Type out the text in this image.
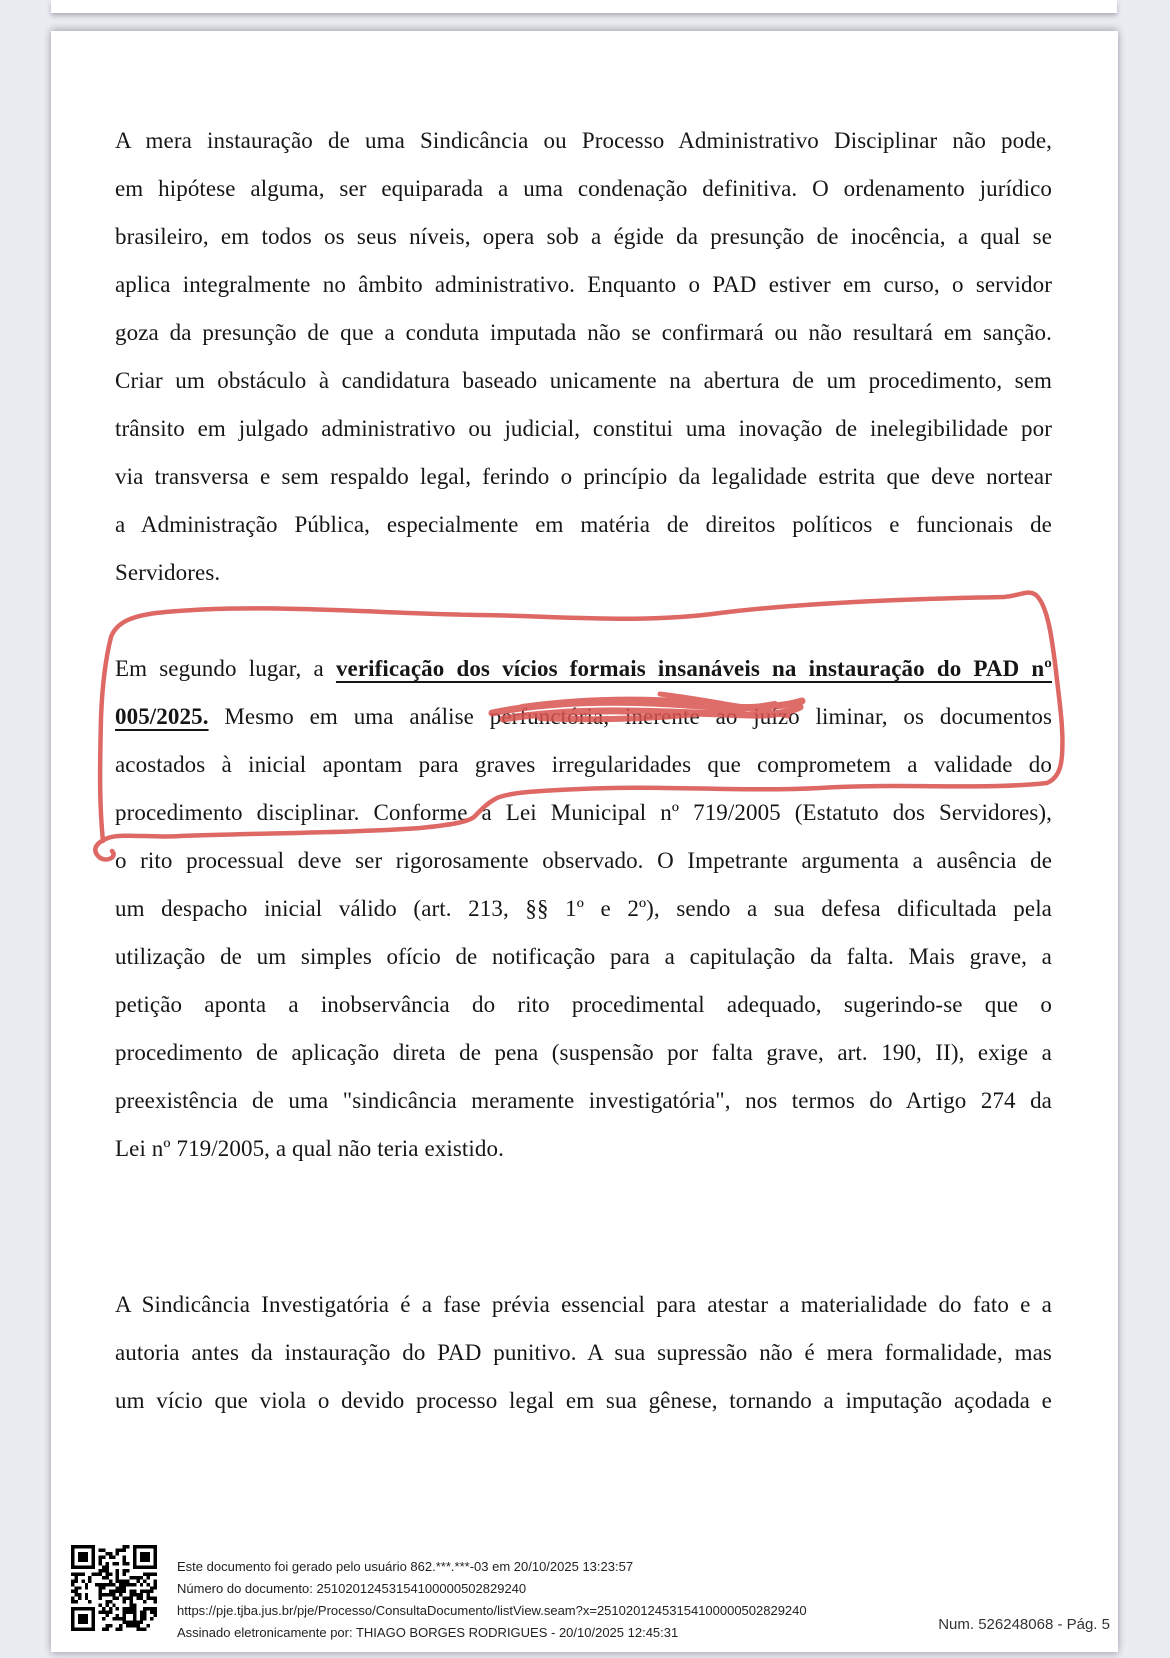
A mera instauração de uma Sindicância ou Processo Administrativo Disciplinar não pode,
em hipótese alguma, ser equiparada a uma condenação definitiva. O ordenamento jurídico
brasileiro, em todos os seus níveis, opera sob a égide da presunção de inocência, a qual se
aplica integralmente no âmbito administrativo. Enquanto o PAD estiver em curso, o servidor
goza da presunção de que a conduta imputada não se confirmará ou não resultará em sanção.
Criar um obstáculo à candidatura baseado unicamente na abertura de um procedimento, sem
trânsito em julgado administrativo ou judicial, constitui uma inovação de inelegibilidade por
via transversa e sem respaldo legal, ferindo o princípio da legalidade estrita que deve nortear
a Administração Pública, especialmente em matéria de direitos políticos e funcionais de
Servidores.
Em segundo lugar, a verificação dos vícios formais insanáveis na instauração do PAD nº
005/2025. Mesmo em uma análise perfunctória, inerente ao juízo liminar, os documentos
acostados à inicial apontam para graves irregularidades que comprometem a validade do
procedimento disciplinar. Conforme a Lei Municipal nº 719/2005 (Estatuto dos Servidores),
o rito processual deve ser rigorosamente observado. O Impetrante argumenta a ausência de
um despacho inicial válido (art. 213, §§ 1º e 2º), sendo a sua defesa dificultada pela
utilização de um simples ofício de notificação para a capitulação da falta. Mais grave, a
petição aponta a inobservância do rito procedimental adequado, sugerindo-se que o
procedimento de aplicação direta de pena (suspensão por falta grave, art. 190, II), exige a
preexistência de uma "sindicância meramente investigatória", nos termos do Artigo 274 da
Lei nº 719/2005, a qual não teria existido.
A Sindicância Investigatória é a fase prévia essencial para atestar a materialidade do fato e a
autoria antes da instauração do PAD punitivo. A sua supressão não é mera formalidade, mas
um vício que viola o devido processo legal em sua gênese, tornando a imputação açodada e
Este documento foi gerado pelo usuário 862.***.***-03 em 20/10/2025 13:23:57
Número do documento: 25102012453154100000502829240
https://pje.tjba.jus.br/pje/Processo/ConsultaDocumento/listView.seam?x=25102012453154100000502829240
Assinado eletronicamente por: THIAGO BORGES RODRIGUES - 20/10/2025 12:45:31	Num. 526248068 - Pág. 5
